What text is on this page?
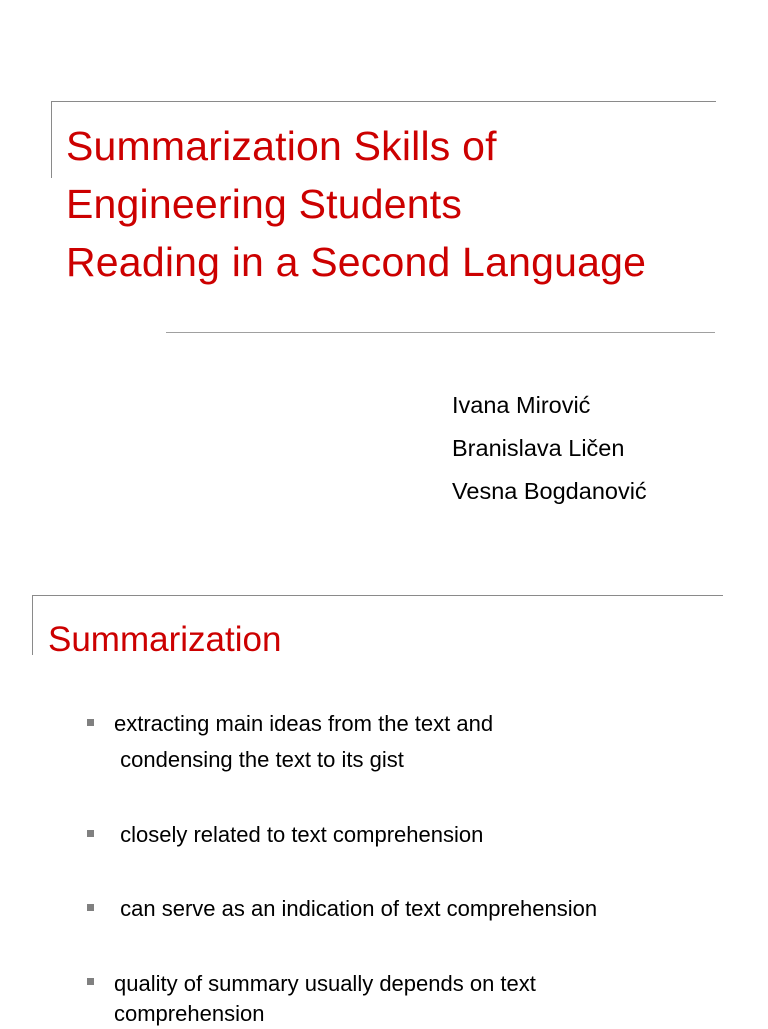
Summarization Skills of
Engineering Students
Reading in a Second Language
Ivana Mirović
Branislava Ličen
Vesna Bogdanović
Summarization
extracting main ideas from the text and
condensing the text to its gist
closely related to text comprehension
can serve as an indication of text comprehension
quality of summary usually depends on text
comprehension
